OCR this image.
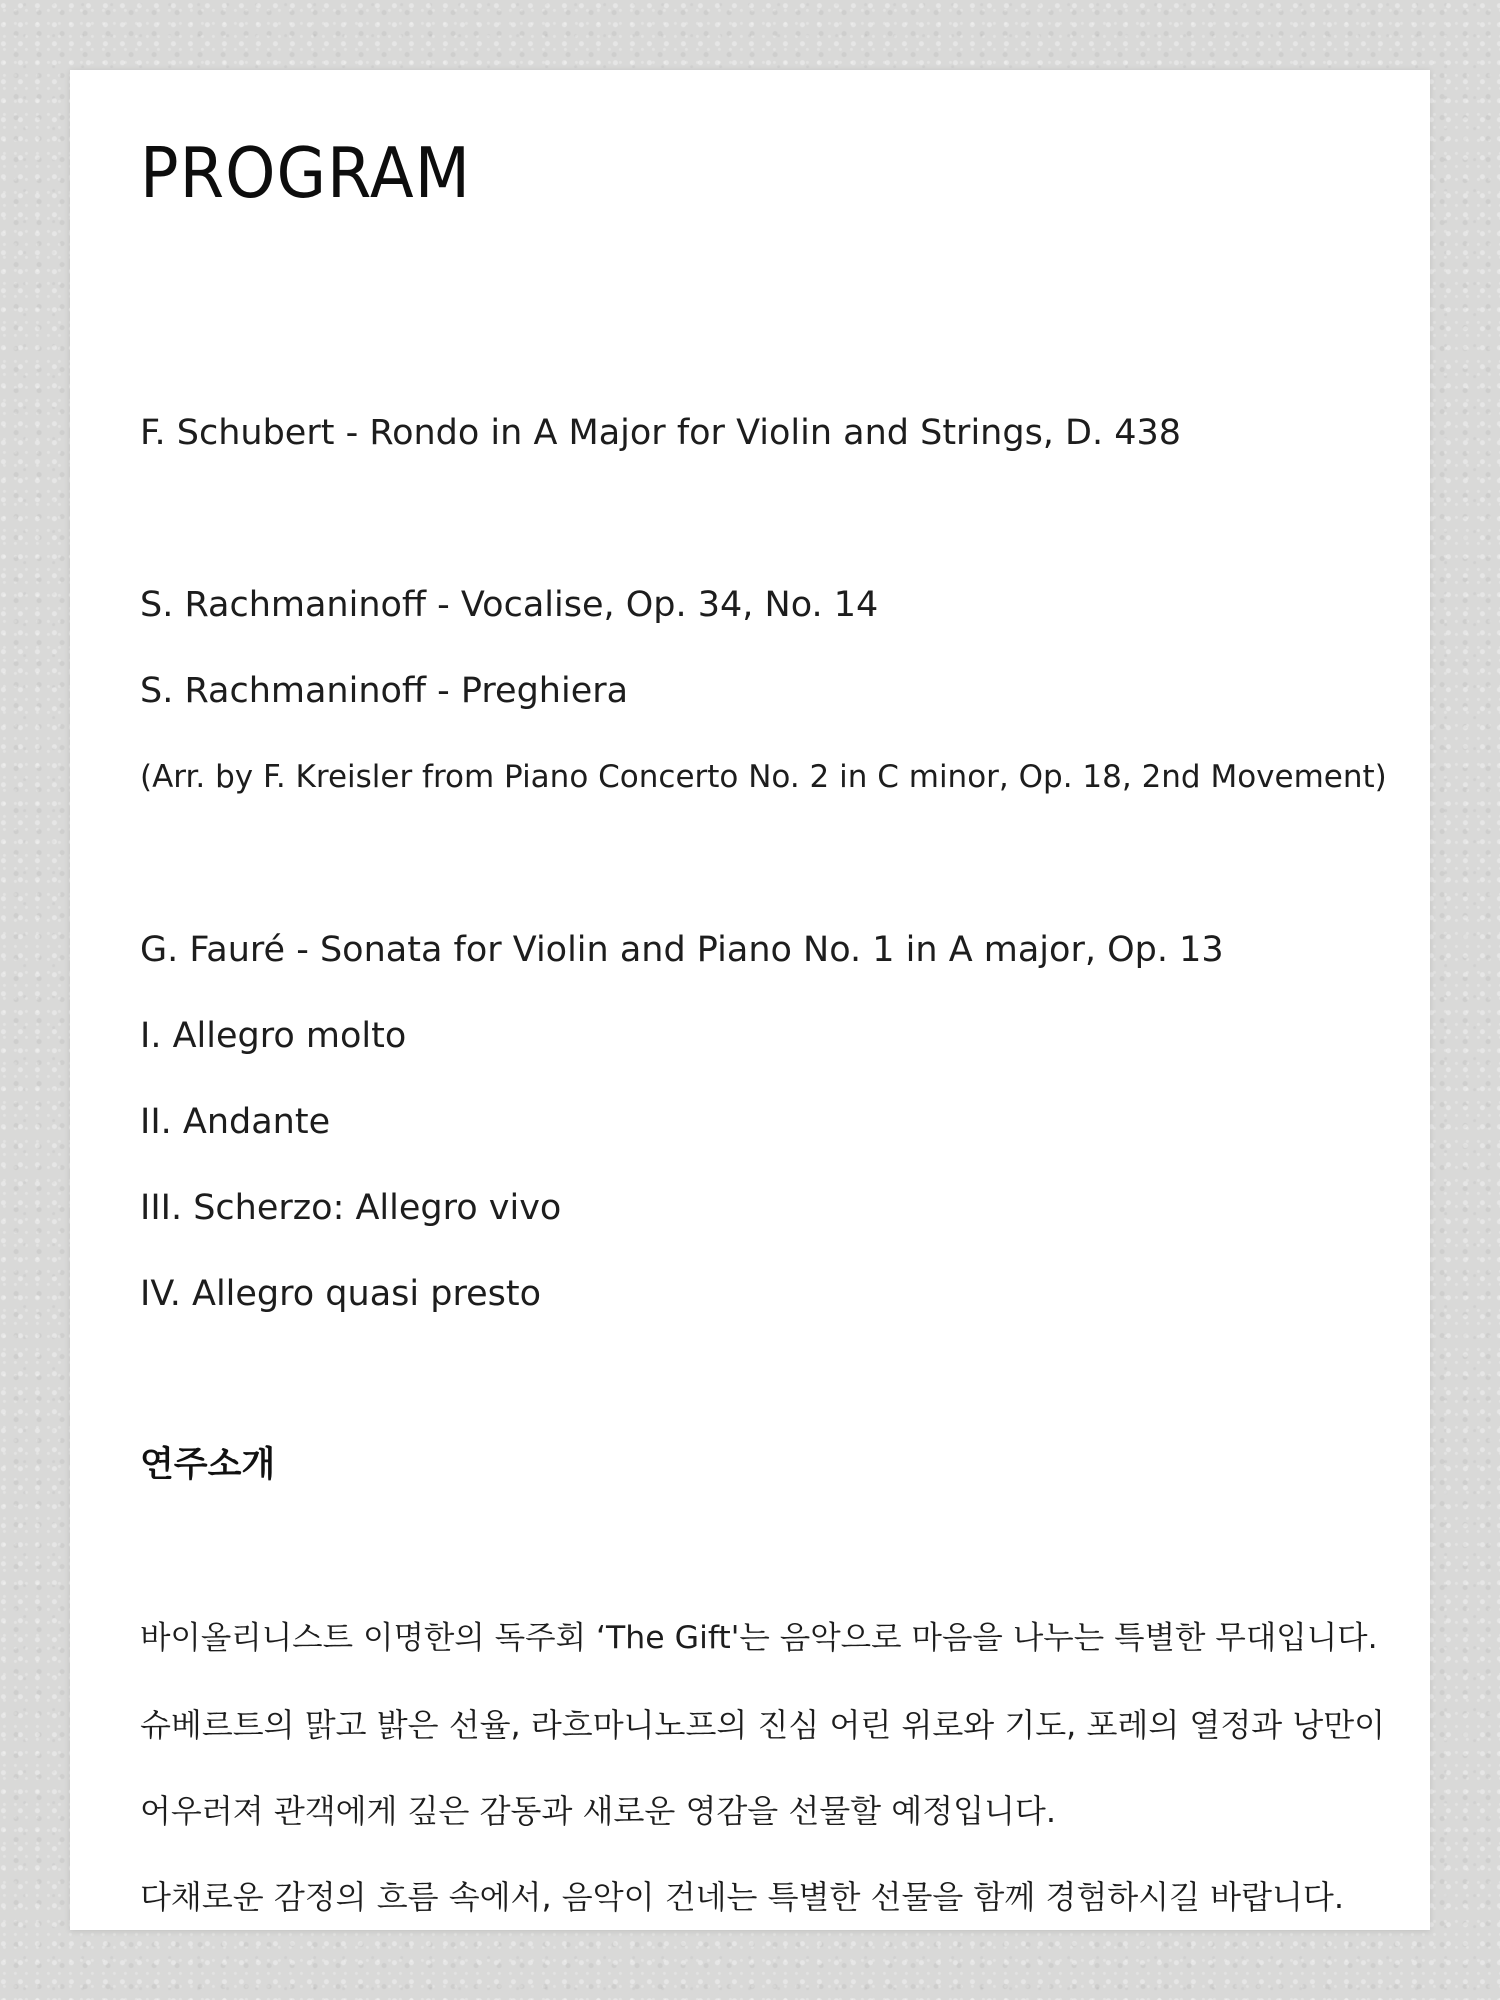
PROGRAM

F. Schubert - Rondo in A Major for Violin and Strings, D. 438

S. Rachmaninoff - Vocalise, Op. 34, No. 14

S. Rachmaninoff - Preghiera

(Arr. by F. Kreisler from Piano Concerto No. 2 in C minor, Op. 18, 2nd Movement)

G. Fauré - Sonata for Violin and Piano No. 1 in A major, Op. 13

I. Allegro molto

II. Andante

III. Scherzo: Allegro vivo

IV. Allegro quasi presto

연주소개

바이올리니스트 이명한의 독주회 ‘The Gift'는 음악으로 마음을 나누는 특별한 무대입니다.

슈베르트의 맑고 밝은 선율, 라흐마니노프의 진심 어린 위로와 기도, 포레의 열정과 낭만이

어우러져 관객에게 깊은 감동과 새로운 영감을 선물할 예정입니다.

다채로운 감정의 흐름 속에서, 음악이 건네는 특별한 선물을 함께 경험하시길 바랍니다.
